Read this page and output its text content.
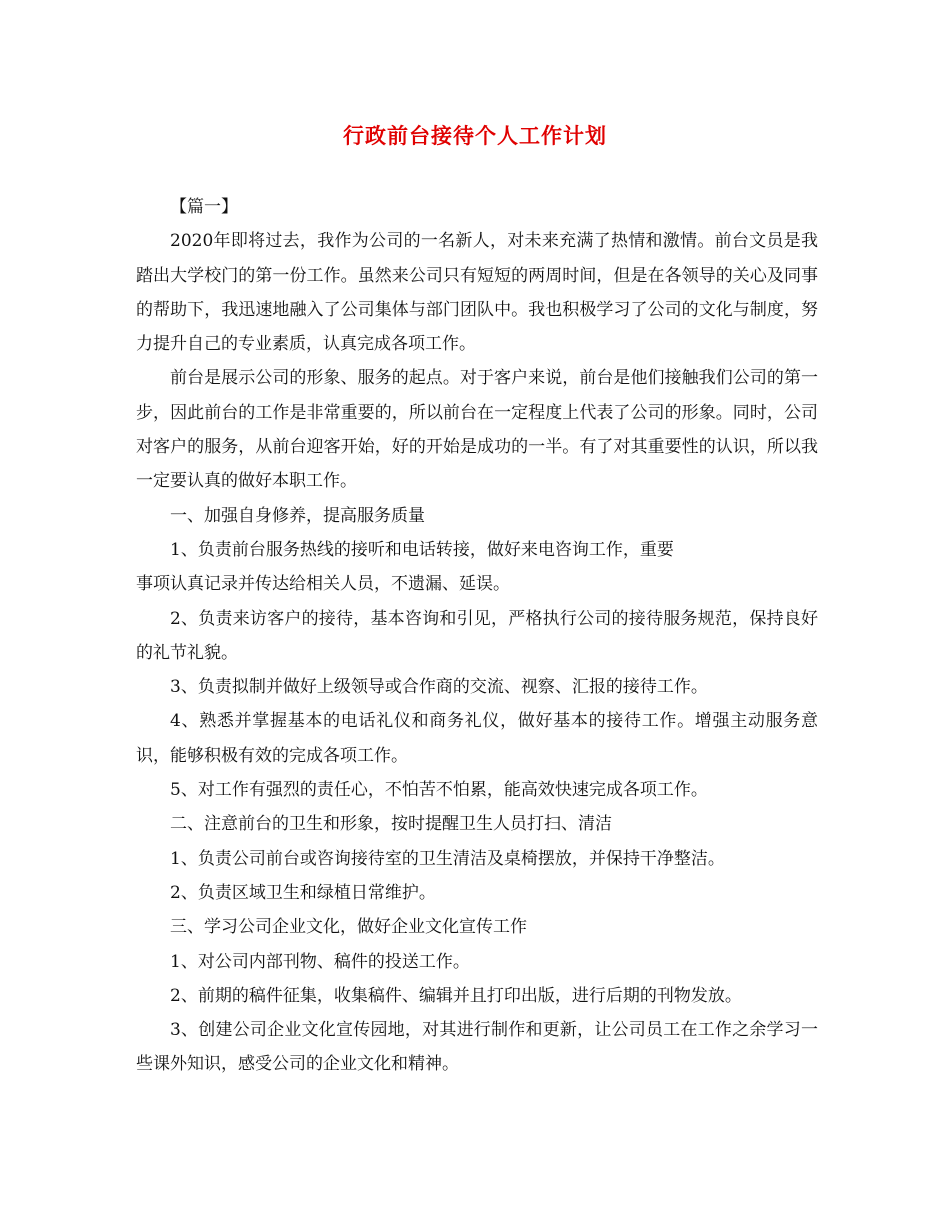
行政前台接待个人工作计划

【篇一】

2020年即将过去，我作为公司的一名新人，对未来充满了热情和激情。前台文员是我踏出大学校门的第一份工作。虽然来公司只有短短的两周时间，但是在各领导的关心及同事的帮助下，我迅速地融入了公司集体与部门团队中。我也积极学习了公司的文化与制度，努力提升自己的专业素质，认真完成各项工作。

前台是展示公司的形象、服务的起点。对于客户来说，前台是他们接触我们公司的第一步，因此前台的工作是非常重要的，所以前台在一定程度上代表了公司的形象。同时，公司对客户的服务，从前台迎客开始，好的开始是成功的一半。有了对其重要性的认识，所以我一定要认真的做好本职工作。

一、加强自身修养，提高服务质量

1、负责前台服务热线的接听和电话转接，做好来电咨询工作，重要

事项认真记录并传达给相关人员，不遗漏、延误。

2、负责来访客户的接待，基本咨询和引见，严格执行公司的接待服务规范，保持良好的礼节礼貌。

3、负责拟制并做好上级领导或合作商的交流、视察、汇报的接待工作。

4、熟悉并掌握基本的电话礼仪和商务礼仪，做好基本的接待工作。增强主动服务意识，能够积极有效的完成各项工作。

5、对工作有强烈的责任心，不怕苦不怕累，能高效快速完成各项工作。

二、注意前台的卫生和形象，按时提醒卫生人员打扫、清洁

1、负责公司前台或咨询接待室的卫生清洁及桌椅摆放，并保持干净整洁。

2、负责区域卫生和绿植日常维护。

三、学习公司企业文化，做好企业文化宣传工作

1、对公司内部刊物、稿件的投送工作。

2、前期的稿件征集，收集稿件、编辑并且打印出版，进行后期的刊物发放。

3、创建公司企业文化宣传园地，对其进行制作和更新，让公司员工在工作之余学习一些课外知识，感受公司的企业文化和精神。
